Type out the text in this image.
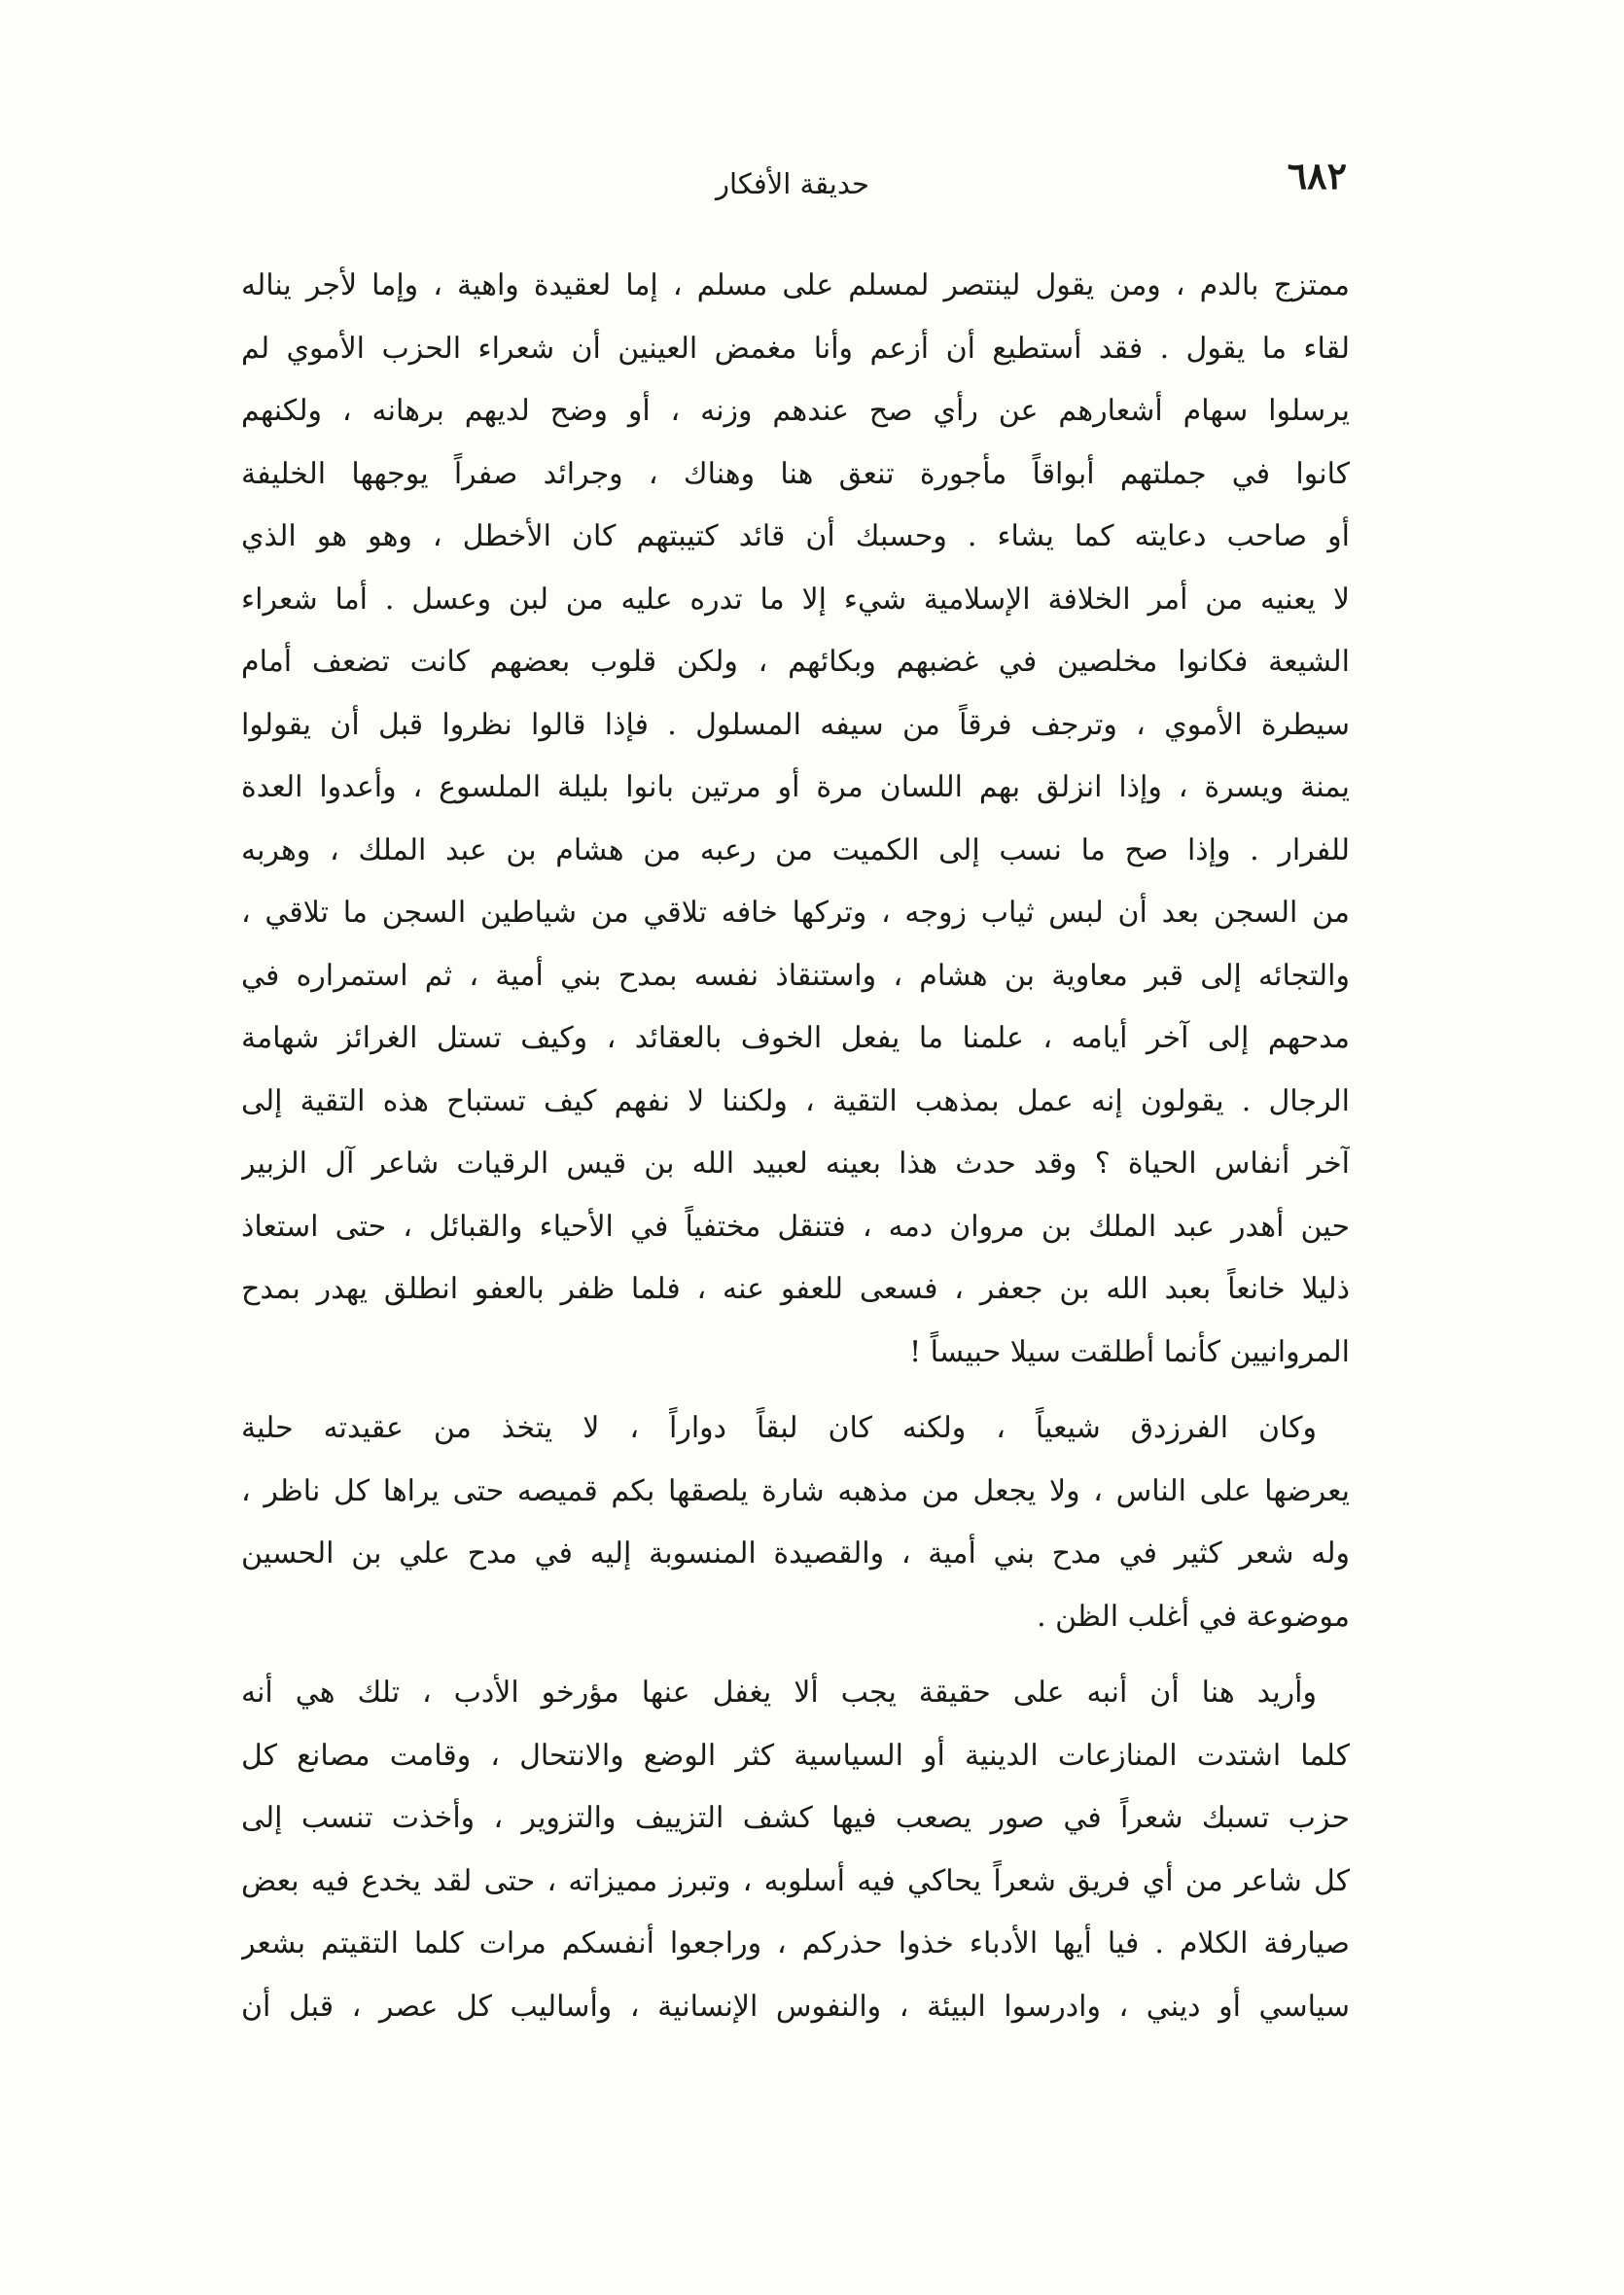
٦٨٢
حديقة الأفكار
ممتزج بالدم ، ومن يقول لينتصر لمسلم على مسلم ، إما لعقيدة واهية ، وإما لأجر يناله
لقاء ما يقول . فقد أستطيع أن أزعم وأنا مغمض العينين أن شعراء الحزب الأموي لم
يرسلوا سهام أشعارهم عن رأي صح عندهم وزنه ، أو وضح لديهم برهانه ، ولكنهم
كانوا في جملتهم أبواقاً مأجورة تنعق هنا وهناك ، وجرائد صفراً يوجهها الخليفة
أو صاحب دعايته كما يشاء . وحسبك أن قائد كتيبتهم كان الأخطل ، وهو هو الذي
لا يعنيه من أمر الخلافة الإسلامية شيء إلا ما تدره عليه من لبن وعسل . أما شعراء
الشيعة فكانوا مخلصين في غضبهم وبكائهم ، ولكن قلوب بعضهم كانت تضعف أمام
سيطرة الأموي ، وترجف فرقاً من سيفه المسلول . فإذا قالوا نظروا قبل أن يقولوا
يمنة ويسرة ، وإذا انزلق بهم اللسان مرة أو مرتين بانوا بليلة الملسوع ، وأعدوا العدة
للفرار . وإذا صح ما نسب إلى الكميت من رعبه من هشام بن عبد الملك ، وهربه
من السجن بعد أن لبس ثياب زوجه ، وتركها خافه تلاقي من شياطين السجن ما تلاقي ،
والتجائه إلى قبر معاوية بن هشام ، واستنقاذ نفسه بمدح بني أمية ، ثم استمراره في
مدحهم إلى آخر أيامه ، علمنا ما يفعل الخوف بالعقائد ، وكيف تستل الغرائز شهامة
الرجال . يقولون إنه عمل بمذهب التقية ، ولكننا لا نفهم كيف تستباح هذه التقية إلى
آخر أنفاس الحياة ؟ وقد حدث هذا بعينه لعبيد الله بن قيس الرقيات شاعر آل الزبير
حين أهدر عبد الملك بن مروان دمه ، فتنقل مختفياً في الأحياء والقبائل ، حتى استعاذ
ذليلا خانعاً بعبد الله بن جعفر ، فسعى للعفو عنه ، فلما ظفر بالعفو انطلق يهدر بمدح
المروانيين كأنما أطلقت سيلا حبيساً !
وكان الفرزدق شيعياً ، ولكنه كان لبقاً دواراً ، لا يتخذ من عقيدته حلية
يعرضها على الناس ، ولا يجعل من مذهبه شارة يلصقها بكم قميصه حتى يراها كل ناظر ،
وله شعر كثير في مدح بني أمية ، والقصيدة المنسوبة إليه في مدح علي بن الحسين
موضوعة في أغلب الظن .
وأريد هنا أن أنبه على حقيقة يجب ألا يغفل عنها مؤرخو الأدب ، تلك هي أنه
كلما اشتدت المنازعات الدينية أو السياسية كثر الوضع والانتحال ، وقامت مصانع كل
حزب تسبك شعراً في صور يصعب فيها كشف التزييف والتزوير ، وأخذت تنسب إلى
كل شاعر من أي فريق شعراً يحاكي فيه أسلوبه ، وتبرز مميزاته ، حتى لقد يخدع فيه بعض
صيارفة الكلام . فيا أيها الأدباء خذوا حذركم ، وراجعوا أنفسكم مرات كلما التقيتم بشعر
سياسي أو ديني ، وادرسوا البيئة ، والنفوس الإنسانية ، وأساليب كل عصر ، قبل أن
